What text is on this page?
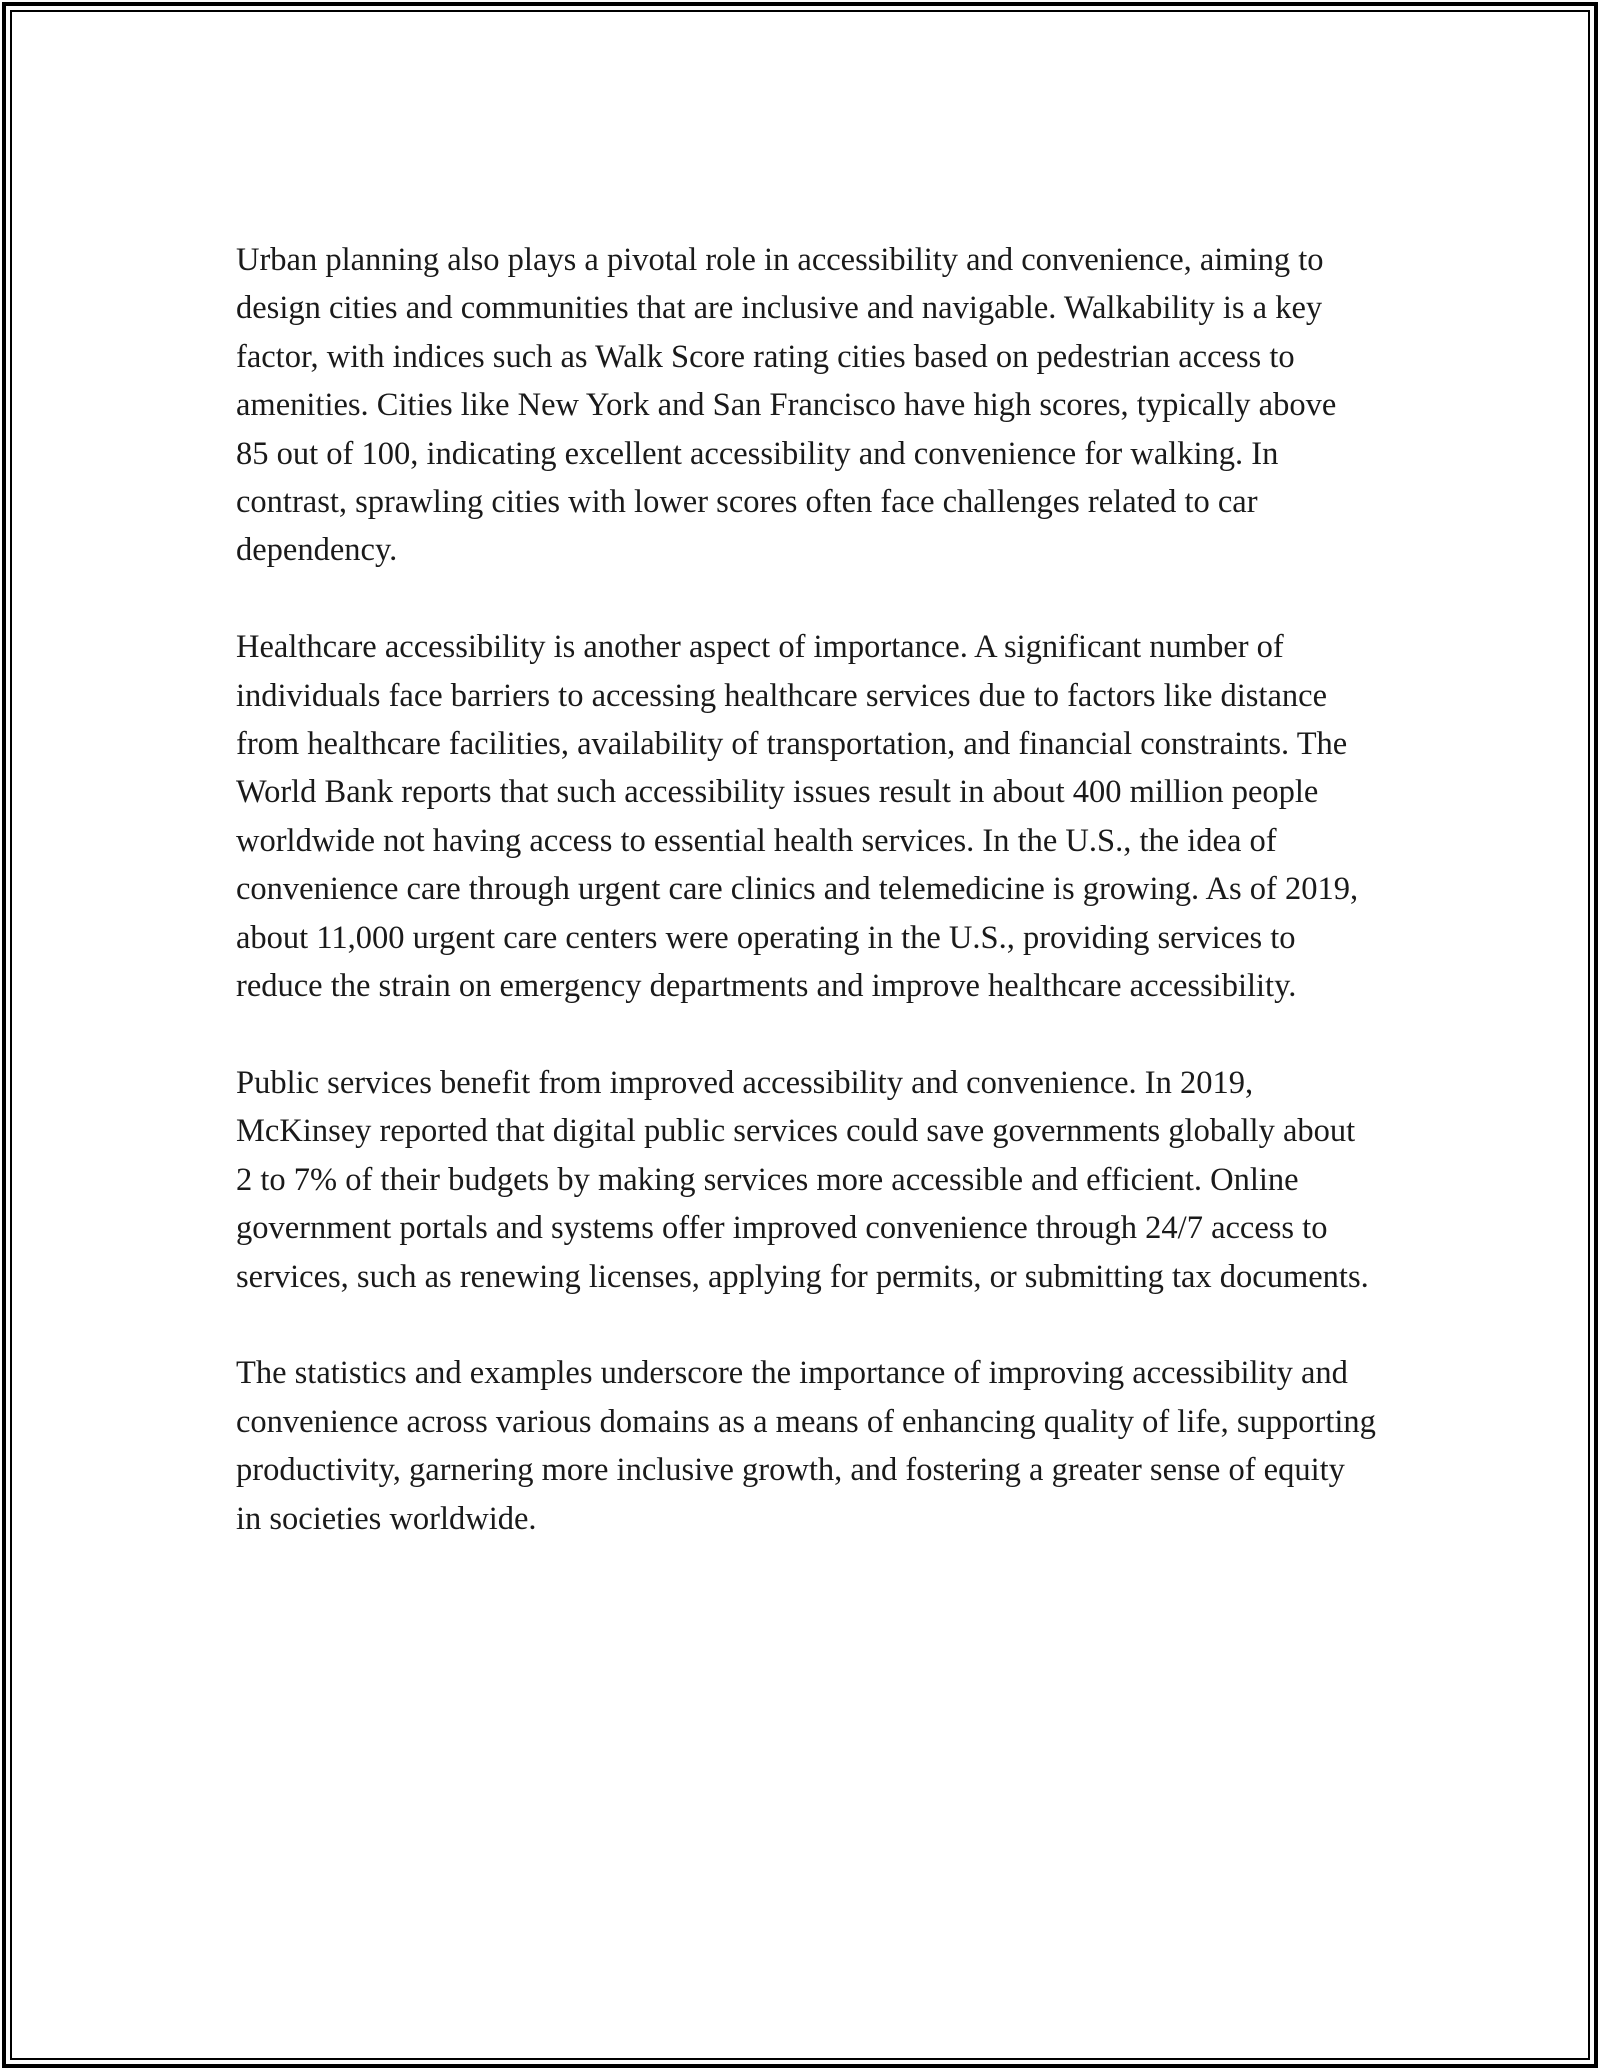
Urban planning also plays a pivotal role in accessibility and convenience, aiming to design cities and communities that are inclusive and navigable. Walkability is a key factor, with indices such as Walk Score rating cities based on pedestrian access to amenities. Cities like New York and San Francisco have high scores, typically above 85 out of 100, indicating excellent accessibility and convenience for walking. In contrast, sprawling cities with lower scores often face challenges related to car dependency.

Healthcare accessibility is another aspect of importance. A significant number of individuals face barriers to accessing healthcare services due to factors like distance from healthcare facilities, availability of transportation, and financial constraints. The World Bank reports that such accessibility issues result in about 400 million people worldwide not having access to essential health services. In the U.S., the idea of convenience care through urgent care clinics and telemedicine is growing. As of 2019, about 11,000 urgent care centers were operating in the U.S., providing services to reduce the strain on emergency departments and improve healthcare accessibility.

Public services benefit from improved accessibility and convenience. In 2019, McKinsey reported that digital public services could save governments globally about 2 to 7% of their budgets by making services more accessible and efficient. Online government portals and systems offer improved convenience through 24/7 access to services, such as renewing licenses, applying for permits, or submitting tax documents.

The statistics and examples underscore the importance of improving accessibility and convenience across various domains as a means of enhancing quality of life, supporting productivity, garnering more inclusive growth, and fostering a greater sense of equity in societies worldwide.
